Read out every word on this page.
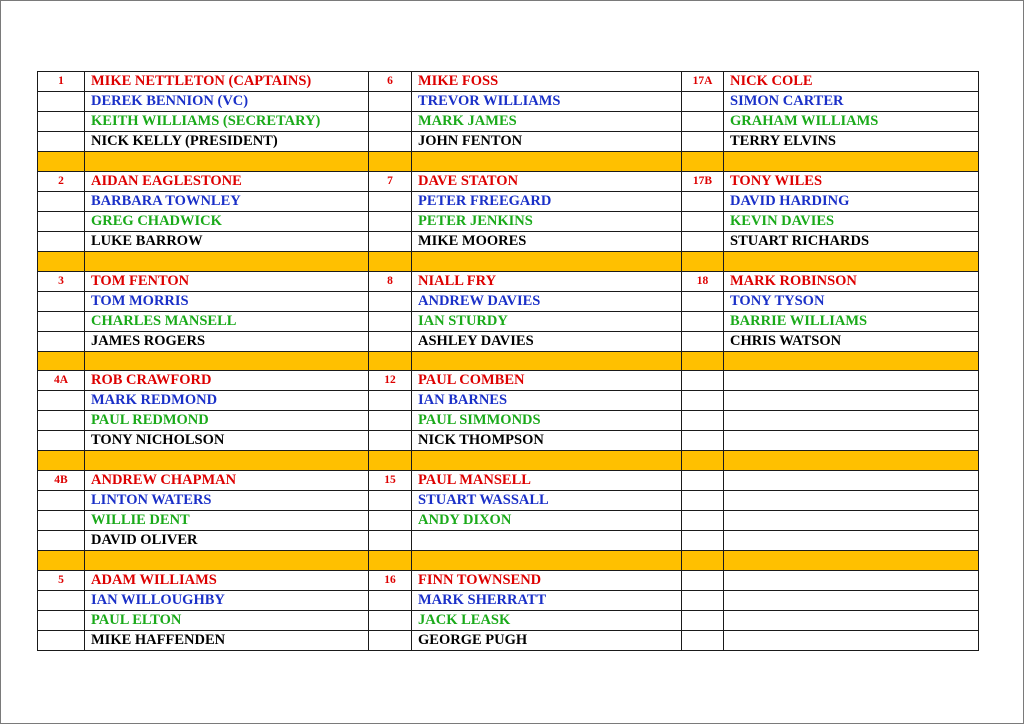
1	MIKE NETTLETON (CAPTAINS)	6	MIKE FOSS	17A	NICK COLE
	DEREK BENNION (VC)		TREVOR WILLIAMS		SIMON CARTER
	KEITH WILLIAMS (SECRETARY)		MARK JAMES		GRAHAM WILLIAMS
	NICK KELLY (PRESIDENT)		JOHN FENTON		TERRY ELVINS

2	AIDAN EAGLESTONE	7	DAVE STATON	17B	TONY WILES
	BARBARA TOWNLEY		PETER FREEGARD		DAVID HARDING
	GREG CHADWICK		PETER JENKINS		KEVIN DAVIES
	LUKE BARROW		MIKE MOORES		STUART RICHARDS

3	TOM FENTON	8	NIALL FRY	18	MARK ROBINSON
	TOM MORRIS		ANDREW DAVIES		TONY TYSON
	CHARLES MANSELL		IAN STURDY		BARRIE WILLIAMS
	JAMES ROGERS		ASHLEY DAVIES		CHRIS WATSON

4A	ROB CRAWFORD	12	PAUL COMBEN		
	MARK REDMOND		IAN BARNES		
	PAUL REDMOND		PAUL SIMMONDS		
	TONY NICHOLSON		NICK THOMPSON		

4B	ANDREW CHAPMAN	15	PAUL MANSELL		
	LINTON WATERS		STUART WASSALL		
	WILLIE DENT		ANDY DIXON		
	DAVID OLIVER				

5	ADAM WILLIAMS	16	FINN TOWNSEND		
	IAN WILLOUGHBY		MARK SHERRATT		
	PAUL ELTON		JACK LEASK		
	MIKE HAFFENDEN		GEORGE PUGH		
